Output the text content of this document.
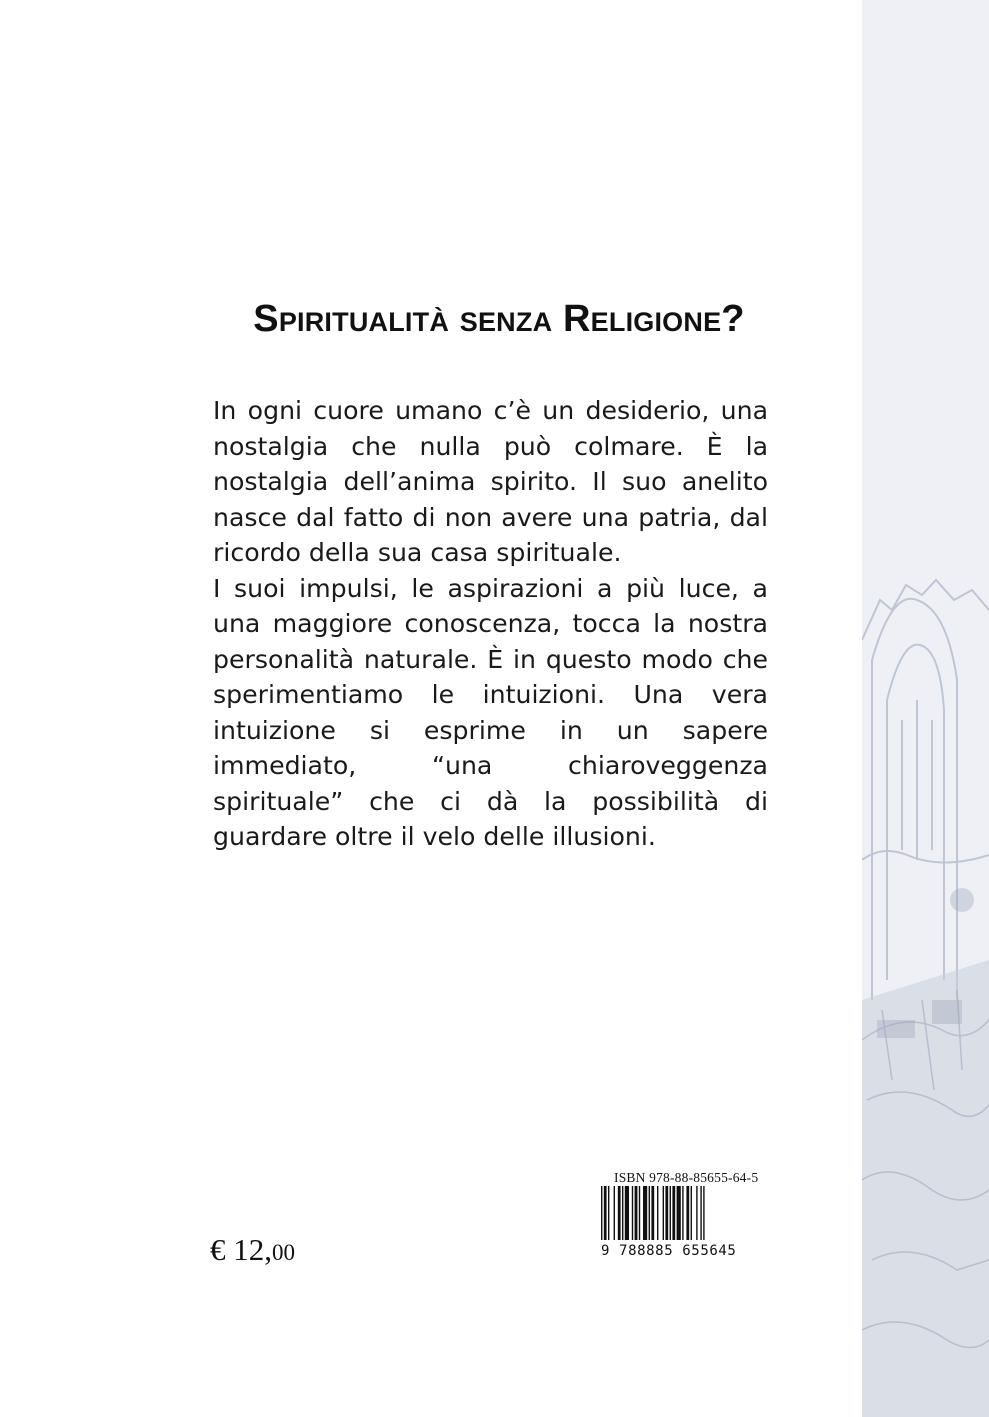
Spiritualità senza Religione?

In ogni cuore umano c’è un desiderio, una nostalgia che nulla può colmare. È la nostalgia dell’anima spirito. Il suo anelito nasce dal fatto di non avere una patria, dal ricordo della sua casa spirituale.

I suoi impulsi, le aspirazioni a più luce, a una maggiore conoscenza, tocca la nostra personalità naturale. È in questo modo che sperimentiamo le intuizioni. Una vera intuizione si esprime in un sapere immediato, “una chiaroveggenza spirituale” che ci dà la possibilità di guardare oltre il velo delle illusioni.

€ 12,00
ISBN 978-88-85655-64-5
9 788885 655645
